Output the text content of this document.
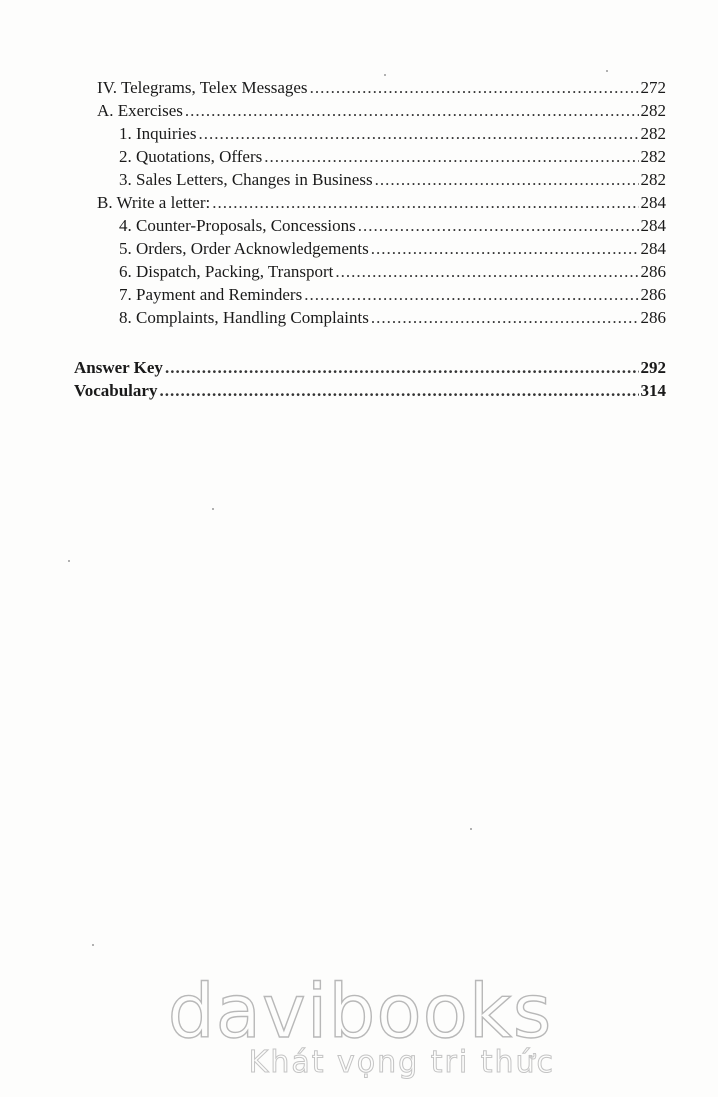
IV. Telegrams, Telex Messages .....	272
A. Exercises .....	282
1. Inquiries .....	282
2. Quotations, Offers .....	282
3. Sales Letters, Changes in Business .....	282
B. Write a letter: .....	284
4. Counter-Proposals, Concessions .....	284
5. Orders, Order Acknowledgements .....	284
6. Dispatch, Packing, Transport .....	286
7. Payment and Reminders .....	286
8. Complaints, Handling Complaints .....	286
Answer Key .....	292
Vocabulary .....	314
davibooks
Khát vọng tri thức
